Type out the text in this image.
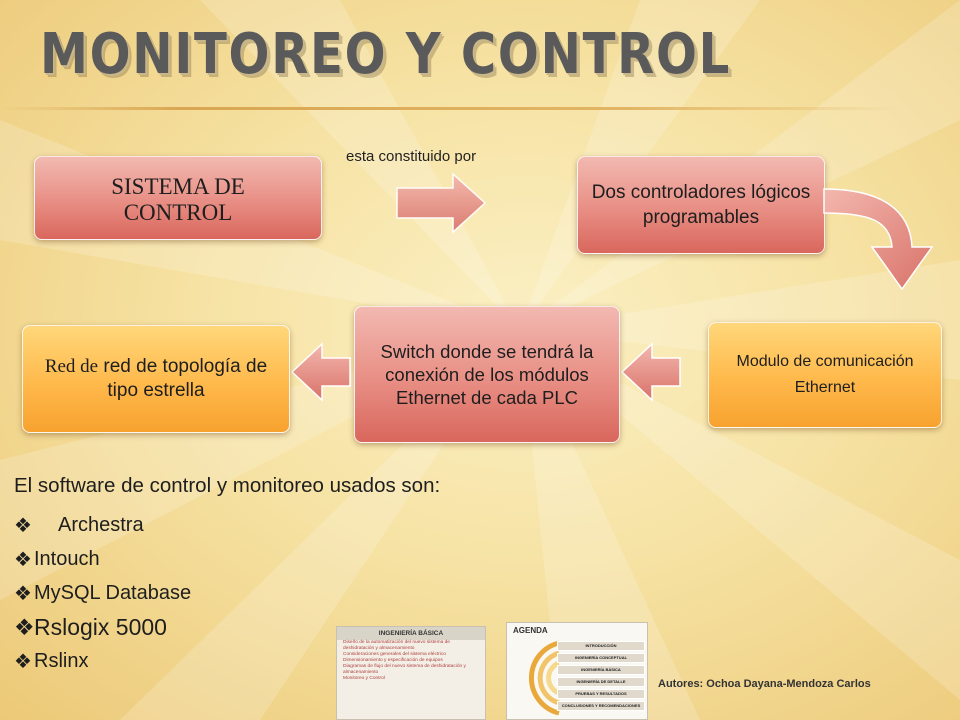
MONITOREO Y CONTROL
SISTEMA DE CONTROL
esta constituido por
Dos controladores lógicos programables
Modulo de comunicación Ethernet
Switch donde se tendrá la conexión de los módulos Ethernet de cada PLC
Red de red de topología de tipo estrella
El software de control y monitoreo usados son:
❖ Archestra
❖ Intouch
❖ MySQL Database
❖ Rslogix 5000
❖ Rslinx
INGENIERÍA BÁSICA
Diseño de la automatización del nuevo sistema de deshidratación y almacenamiento
Consideraciones generales del sistema eléctrico
Dimensionamiento y especificación de equipos
Diagramas de flujo del nuevo sistema de deshidratación y almacenamiento
Monitoreo y Control
AGENDA
INTRODUCCIÓN
INGENIERÍA CONCEPTUAL
INGENIERÍA BÁSICA
INGENIERÍA DE DETALLE
PRUEBAS Y RESULTADOS
CONCLUSIONES Y RECOMENDACIONES
Autores: Ochoa Dayana-Mendoza Carlos
